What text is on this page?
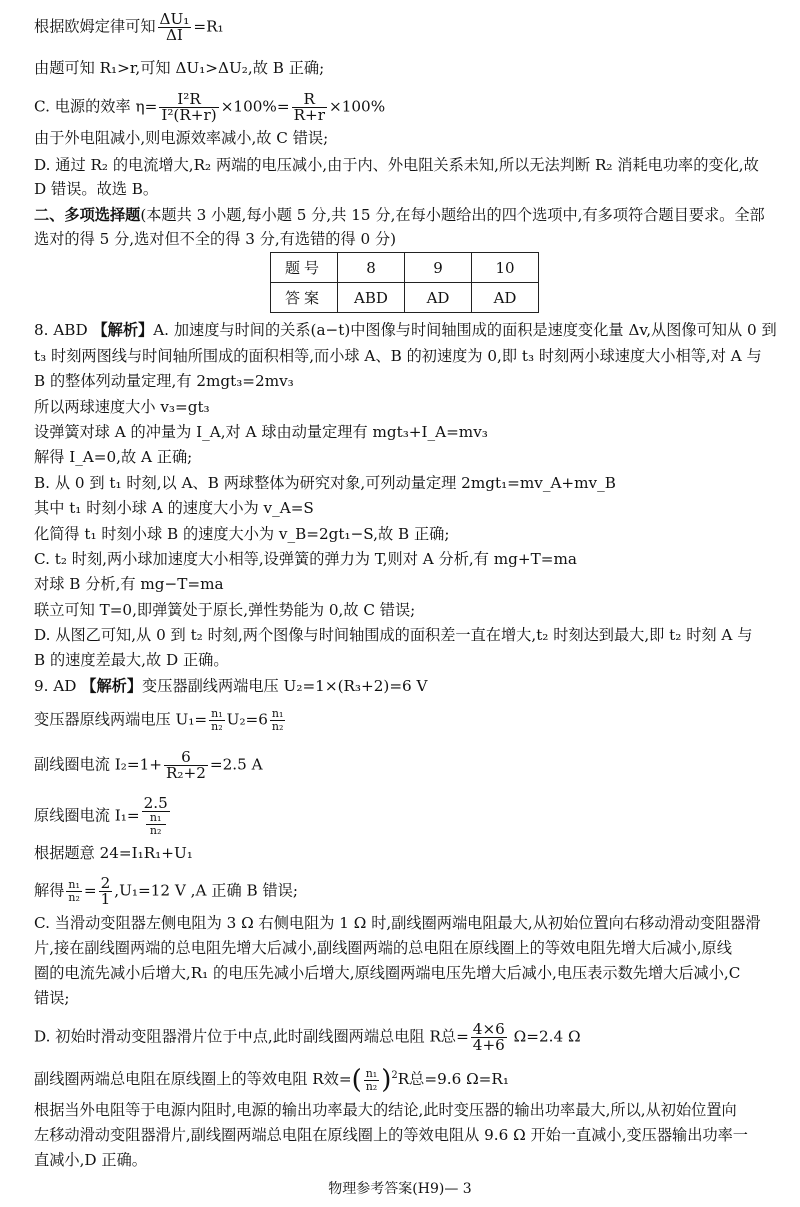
根据欧姆定律可知 $\frac{\text{ΔU₁}}{\Delta I} =R_1$
由题可知 R₁>r,可知 ΔU₁>ΔU₂,故 B 正确;
C. 电源的效率 $\eta= \frac{\text{I²R}}{\text{I²(R+r)}} \times 100\%= \frac{R}{R+r} \times 100\%$
由于外电阻减小,则电源效率减小,故 C 错误;
D. 通过 R₂ 的电流增大,R₂ 两端的电压减小,由于内、外电阻关系未知,所以无法判断 R₂ 消耗电功率的变化,故
D 错误。故选 B。
二、多项选择题(本题共 3 小题,每小题 5 分,共 15 分,在每小题给出的四个选项中,有多项符合题目要求。全部
选对的得 5 分,选对但不全的得 3 分,有选错的得 0 分)
题号	8	9	10
答案	ABD	AD	AD
8. ABD 【解析】A. 加速度与时间的关系(a−t)中图像与时间轴围成的面积是速度变化量 Δv,从图像可知从 0 到
t₃ 时刻两图线与时间轴所围成的面积相等,而小球 A、B 的初速度为 0,即 t₃ 时刻两小球速度大小相等,对 A 与
B 的整体列动量定理,有 2mgt₃=2mv₃
所以两球速度大小 v₃=gt₃
设弹簧对球 A 的冲量为 I_A,对 A 球由动量定理有 mgt₃+I_A=mv₃
解得 I_A=0,故 A 正确;
B. 从 0 到 t₁ 时刻,以 A、B 两球整体为研究对象,可列动量定理 2mgt₁=mv_A+mv_B
其中 t₁ 时刻小球 A 的速度大小为 v_A=S
化简得 t₁ 时刻小球 B 的速度大小为 v_B=2gt₁−S,故 B 正确;
C. t₂ 时刻,两小球加速度大小相等,设弹簧的弹力为 T,则对 A 分析,有 mg+T=ma
对球 B 分析,有 mg−T=ma
联立可知 T=0,即弹簧处于原长,弹性势能为 0,故 C 错误;
D. 从图乙可知,从 0 到 t₂ 时刻,两个图像与时间轴围成的面积差一直在增大,t₂ 时刻达到最大,即 t₂ 时刻 A 与
B 的速度差最大,故 D 正确。
9. AD 【解析】变压器副线两端电压 U₂=1×(R₃+2)=6 V
变压器原线两端电压 $U_1= \frac{\text{n₁}}{\text{n₂}} U_2=6 \frac{\text{n₁}}{\text{n₂}}$
副线圈电流 $I_2=1+ \frac{6}{\text{R₂+2}} =2.5$ A
原线圈电流 I₁= 2.5
n₁
n₂
根据题意 24=I₁R₁+U₁
解得 $\frac{\text{n₁}}{\text{n₂}} = \frac{2}{1} ,U_1=12$ V ,A 正确 B 错误;
C. 当滑动变阻器左侧电阻为 3 Ω 右侧电阻为 1 Ω 时,副线圈两端电阻最大,从初始位置向右移动滑动变阻器滑
片,接在副线圈两端的总电阻先增大后减小,副线圈两端的总电阻在原线圈上的等效电阻先增大后减小,原线
圈的电流先减小后增大,R₁ 的电压先减小后增大,原线圈两端电压先增大后减小,电压表示数先增大后减小,C
错误;
D. 初始时滑动变阻器滑片位于中点,此时副线圈两端总电阻 R总= $\frac{4\times 6}{4+6} \Omega=2.4$ Ω
副线圈两端总电阻在原线圈上的等效电阻 R效=( $\frac{\text{n₁}}{\text{n₂}} )^2R$总=9.6 Ω=R₁
根据当外电阻等于电源内阻时,电源的输出功率最大的结论,此时变压器的输出功率最大,所以,从初始位置向
左移动滑动变阻器滑片,副线圈两端总电阻在原线圈上的等效电阻从 9.6 Ω 开始一直减小,变压器输出功率一
直减小,D 正确。
物理参考答案(H9)— 3
